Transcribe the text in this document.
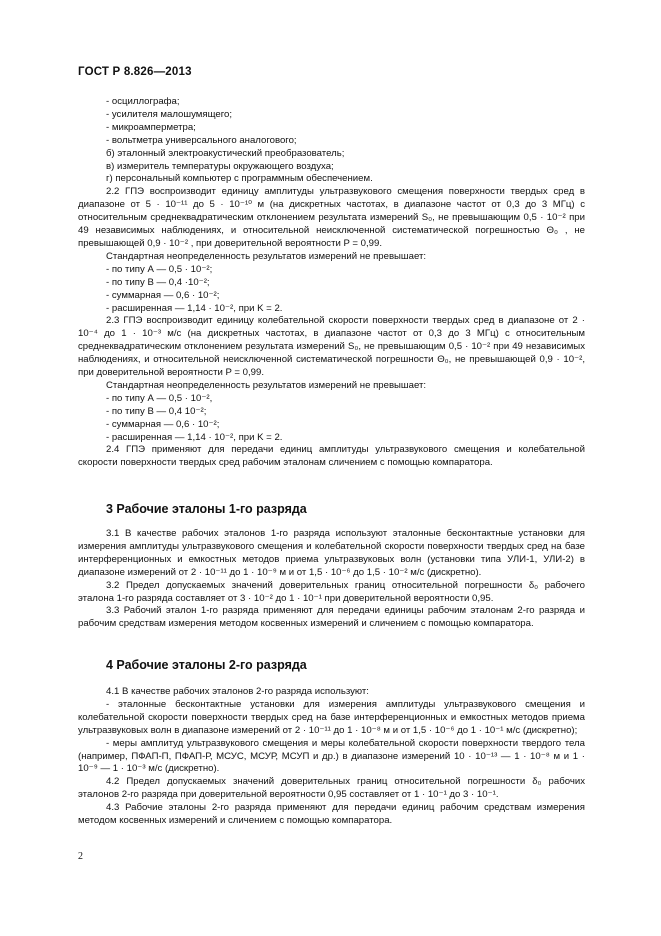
ГОСТ Р 8.826—2013

- осциллографа;

- усилителя малошумящего;

- микроамперметра;

- вольтметра универсального аналогового;

б) эталонный электроакустический преобразователь;

в) измеритель температуры окружающего воздуха;

г) персональный компьютер с программным обеспечением.

2.2 ГПЭ воспроизводит единицу амплитуды ультразвукового смещения поверхности твердых сред в диапазоне от 5 · 10⁻¹¹ до 5 · 10⁻¹⁰ м (на дискретных частотах, в диапазоне частот от 0,3 до 3 МГц) с относительным среднеквадратическим отклонением результата измерений S₀, не превышающим 0,5 · 10⁻² при 49 независимых наблюдениях, и относительной неисключенной систематической погрешностью Θ₀ , не превышающей 0,9 · 10⁻² , при доверительной вероятности P = 0,99.

Стандартная неопределенность результатов измерений не превышает:

- по типу А — 0,5 · 10⁻²;

- по типу В — 0,4 ·10⁻²;

- суммарная — 0,6 · 10⁻²;

- расширенная — 1,14 · 10⁻², при K = 2.

2.3 ГПЭ воспроизводит единицу колебательной скорости поверхности твердых сред в диапазоне от 2 · 10⁻⁴ до 1 · 10⁻³ м/с (на дискретных частотах, в диапазоне частот от 0,3 до 3 МГц) с относительным среднеквадратическим отклонением результата измерений S₀, не превышающим 0,5 · 10⁻² при 49 независимых наблюдениях, и относительной неисключенной систематической погрешности Θ₀, не превышающей 0,9 · 10⁻², при доверительной вероятности P = 0,99.

Стандартная неопределенность результатов измерений не превышает:

- по типу А — 0,5 · 10⁻²,

- по типу В — 0,4 10⁻²;

- суммарная — 0,6 · 10⁻²;

- расширенная — 1,14 · 10⁻², при K = 2.

2.4 ГПЭ применяют для передачи единиц амплитуды ультразвукового смещения и колебательной скорости поверхности твердых сред рабочим эталонам сличением с помощью компаратора.

3 Рабочие эталоны 1-го разряда

3.1 В качестве рабочих эталонов 1-го разряда используют эталонные бесконтактные установки для измерения амплитуды ультразвукового смещения и колебательной скорости поверхности твердых сред на базе интерференционных и емкостных методов приема ультразвуковых волн (установки типа УЛИ-1, УЛИ-2) в диапазоне измерений от 2 · 10⁻¹¹ до 1 · 10⁻⁹ м и от 1,5 · 10⁻⁶ до 1,5 · 10⁻² м/с (дискретно).

3.2 Предел допускаемых значений доверительных границ относительной погрешности δ₀ рабочего эталона 1-го разряда составляет от 3 · 10⁻² до 1 · 10⁻¹ при доверительной вероятности 0,95.

3.3 Рабочий эталон 1-го разряда применяют для передачи единицы рабочим эталонам 2-го разряда и рабочим средствам измерения методом косвенных измерений и сличением с помощью компаратора.

4 Рабочие эталоны 2-го разряда

4.1 В качестве рабочих эталонов 2-го разряда используют:

- эталонные бесконтактные установки для измерения амплитуды ультразвукового смещения и колебательной скорости поверхности твердых сред на базе интерференционных и емкостных методов приема ультразвуковых волн в диапазоне измерений от 2 · 10⁻¹¹ до 1 · 10⁻⁸ м и от 1,5 · 10⁻⁶ до 1 · 10⁻¹ м/с (дискретно);

- меры амплитуд ультразвукового смещения и меры колебательной скорости поверхности твердого тела (например, ПФАП-П, ПФАП-Р, МСУС, МСУР, МСУП и др.) в диапазоне измерений 10 · 10⁻¹³ — 1 · 10⁻⁸ м и 1 · 10⁻⁹ — 1 · 10⁻³ м/с (дискретно).

4.2 Предел допускаемых значений доверительных границ относительной погрешности δ₀ рабочих эталонов 2-го разряда при доверительной вероятности 0,95 составляет от 1 · 10⁻¹ до 3 · 10⁻¹.

4.3 Рабочие эталоны 2-го разряда применяют для передачи единиц рабочим средствам измерения методом косвенных измерений и сличением с помощью компаратора.

2
